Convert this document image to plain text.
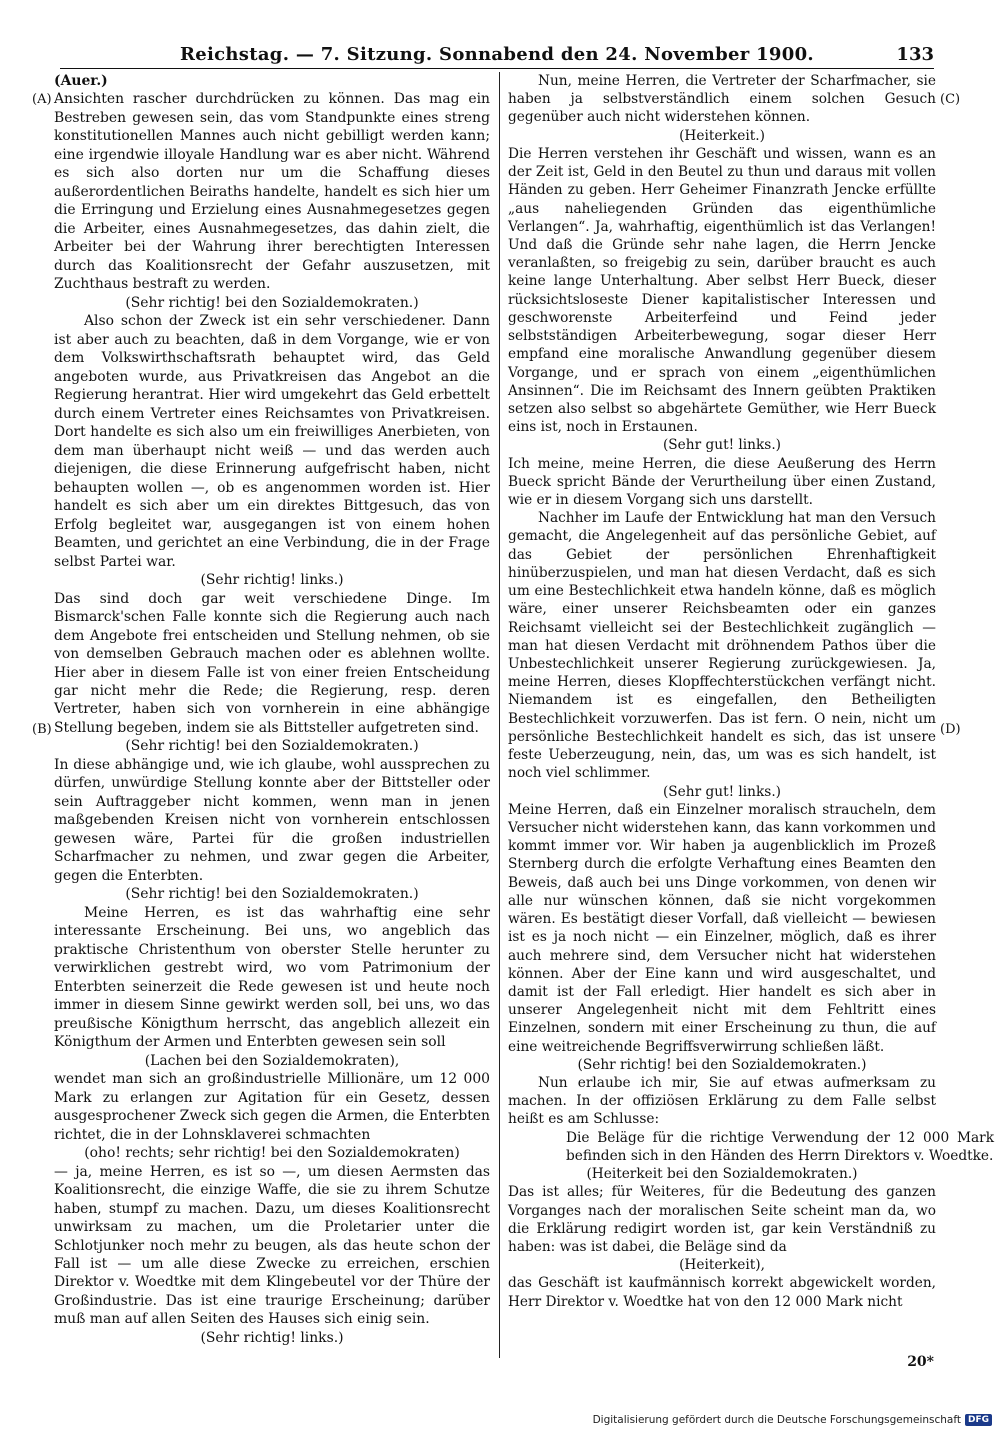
Reichstag. — 7. Sitzung. Sonnabend den 24. November 1900.	133
(A)
(B)
(C)
(D)

(Auer.)

Ansichten rascher durchdrücken zu können. Das mag ein Bestreben gewesen sein, das vom Standpunkte eines streng konstitutionellen Mannes auch nicht gebilligt werden kann; eine irgendwie illoyale Handlung war es aber nicht. Während es sich also dorten nur um die Schaffung dieses außerordentlichen Beiraths handelte, handelt es sich hier um die Erringung und Erzielung eines Ausnahmegesetzes gegen die Arbeiter, eines Ausnahmegesetzes, das dahin zielt, die Arbeiter bei der Wahrung ihrer berechtigten Interessen durch das Koalitionsrecht der Gefahr auszusetzen, mit Zuchthaus bestraft zu werden.

(Sehr richtig! bei den Sozialdemokraten.)

Also schon der Zweck ist ein sehr verschiedener. Dann ist aber auch zu beachten, daß in dem Vorgange, wie er von dem Volkswirthschaftsrath behauptet wird, das Geld angeboten wurde, aus Privatkreisen das Angebot an die Regierung herantrat. Hier wird umgekehrt das Geld erbettelt durch einem Vertreter eines Reichsamtes von Privatkreisen. Dort handelte es sich also um ein freiwilliges Anerbieten, von dem man überhaupt nicht weiß — und das werden auch diejenigen, die diese Erinnerung aufgefrischt haben, nicht behaupten wollen —, ob es angenommen worden ist. Hier handelt es sich aber um ein direktes Bittgesuch, das von Erfolg begleitet war, ausgegangen ist von einem hohen Beamten, und gerichtet an eine Verbindung, die in der Frage selbst Partei war.

(Sehr richtig! links.)

Das sind doch gar weit verschiedene Dinge. Im Bismarck'schen Falle konnte sich die Regierung auch nach dem Angebote frei entscheiden und Stellung nehmen, ob sie von demselben Gebrauch machen oder es ablehnen wollte. Hier aber in diesem Falle ist von einer freien Entscheidung gar nicht mehr die Rede; die Regierung, resp. deren Vertreter, haben sich von vornherein in eine abhängige Stellung begeben, indem sie als Bittsteller aufgetreten sind.

(Sehr richtig! bei den Sozialdemokraten.)

In diese abhängige und, wie ich glaube, wohl aussprechen zu dürfen, unwürdige Stellung konnte aber der Bittsteller oder sein Auftraggeber nicht kommen, wenn man in jenen maßgebenden Kreisen nicht von vornherein entschlossen gewesen wäre, Partei für die großen industriellen Scharfmacher zu nehmen, und zwar gegen die Arbeiter, gegen die Enterbten.

(Sehr richtig! bei den Sozialdemokraten.)

Meine Herren, es ist das wahrhaftig eine sehr interessante Erscheinung. Bei uns, wo angeblich das praktische Christenthum von oberster Stelle herunter zu verwirklichen gestrebt wird, wo vom Patrimonium der Enterbten seinerzeit die Rede gewesen ist und heute noch immer in diesem Sinne gewirkt werden soll, bei uns, wo das preußische Königthum herrscht, das angeblich allezeit ein Königthum der Armen und Enterbten gewesen sein soll

(Lachen bei den Sozialdemokraten),

wendet man sich an großindustrielle Millionäre, um 12 000 Mark zu erlangen zur Agitation für ein Gesetz, dessen ausgesprochener Zweck sich gegen die Armen, die Enterbten richtet, die in der Lohnsklaverei schmachten

(oho! rechts; sehr richtig! bei den Sozialdemokraten)

— ja, meine Herren, es ist so —, um diesen Aermsten das Koalitionsrecht, die einzige Waffe, die sie zu ihrem Schutze haben, stumpf zu machen. Dazu, um dieses Koalitionsrecht unwirksam zu machen, um die Proletarier unter die Schlotjunker noch mehr zu beugen, als das heute schon der Fall ist — um alle diese Zwecke zu erreichen, erschien Direktor v. Woedtke mit dem Klingebeutel vor der Thüre der Großindustrie. Das ist eine traurige Erscheinung; darüber muß man auf allen Seiten des Hauses sich einig sein.

(Sehr richtig! links.)

Nun, meine Herren, die Vertreter der Scharfmacher, sie haben ja selbstverständlich einem solchen Gesuch gegenüber auch nicht widerstehen können.

(Heiterkeit.)

Die Herren verstehen ihr Geschäft und wissen, wann es an der Zeit ist, Geld in den Beutel zu thun und daraus mit vollen Händen zu geben. Herr Geheimer Finanzrath Jencke erfüllte „aus naheliegenden Gründen das eigenthümliche Verlangen“. Ja, wahrhaftig, eigenthümlich ist das Verlangen! Und daß die Gründe sehr nahe lagen, die Herrn Jencke veranlaßten, so freigebig zu sein, darüber braucht es auch keine lange Unterhaltung. Aber selbst Herr Bueck, dieser rücksichtsloseste Diener kapitalistischer Interessen und geschworenste Arbeiterfeind und Feind jeder selbstständigen Arbeiterbewegung, sogar dieser Herr empfand eine moralische Anwandlung gegenüber diesem Vorgange, und er sprach von einem „eigenthümlichen Ansinnen“. Die im Reichsamt des Innern geübten Praktiken setzen also selbst so abgehärtete Gemüther, wie Herr Bueck eins ist, noch in Erstaunen.

(Sehr gut! links.)

Ich meine, meine Herren, die diese Aeußerung des Herrn Bueck spricht Bände der Verurtheilung über einen Zustand, wie er in diesem Vorgang sich uns darstellt.

Nachher im Laufe der Entwicklung hat man den Versuch gemacht, die Angelegenheit auf das persönliche Gebiet, auf das Gebiet der persönlichen Ehrenhaftigkeit hinüberzuspielen, und man hat diesen Verdacht, daß es sich um eine Bestechlichkeit etwa handeln könne, daß es möglich wäre, einer unserer Reichsbeamten oder ein ganzes Reichsamt vielleicht sei der Bestechlichkeit zugänglich — man hat diesen Verdacht mit dröhnendem Pathos über die Unbestechlichkeit unserer Regierung zurückgewiesen. Ja, meine Herren, dieses Klopffechterstückchen verfängt nicht. Niemandem ist es eingefallen, den Betheiligten Bestechlichkeit vorzuwerfen. Das ist fern. O nein, nicht um persönliche Bestechlichkeit handelt es sich, das ist unsere feste Ueberzeugung, nein, das, um was es sich handelt, ist noch viel schlimmer.

(Sehr gut! links.)

Meine Herren, daß ein Einzelner moralisch straucheln, dem Versucher nicht widerstehen kann, das kann vorkommen und kommt immer vor. Wir haben ja augenblicklich im Prozeß Sternberg durch die erfolgte Verhaftung eines Beamten den Beweis, daß auch bei uns Dinge vorkommen, von denen wir alle nur wünschen können, daß sie nicht vorgekommen wären. Es bestätigt dieser Vorfall, daß vielleicht — bewiesen ist es ja noch nicht — ein Einzelner, möglich, daß es ihrer auch mehrere sind, dem Versucher nicht hat widerstehen können. Aber der Eine kann und wird ausgeschaltet, und damit ist der Fall erledigt. Hier handelt es sich aber in unserer Angelegenheit nicht mit dem Fehltritt eines Einzelnen, sondern mit einer Erscheinung zu thun, die auf eine weitreichende Begriffsverwirrung schließen läßt.

(Sehr richtig! bei den Sozialdemokraten.)

Nun erlaube ich mir, Sie auf etwas aufmerksam zu machen. In der offiziösen Erklärung zu dem Falle selbst heißt es am Schlusse:

Die Beläge für die richtige Verwendung der 12 000 Mark befinden sich in den Händen des Herrn Direktors v. Woedtke.

(Heiterkeit bei den Sozialdemokraten.)

Das ist alles; für Weiteres, für die Bedeutung des ganzen Vorganges nach der moralischen Seite scheint man da, wo die Erklärung redigirt worden ist, gar kein Verständniß zu haben: was ist dabei, die Beläge sind da

(Heiterkeit),

das Geschäft ist kaufmännisch korrekt abgewickelt worden, Herr Direktor v. Woedtke hat von den 12 000 Mark nicht

20*
Digitalisierung gefördert durch die Deutsche Forschungsgemeinschaft DFG
